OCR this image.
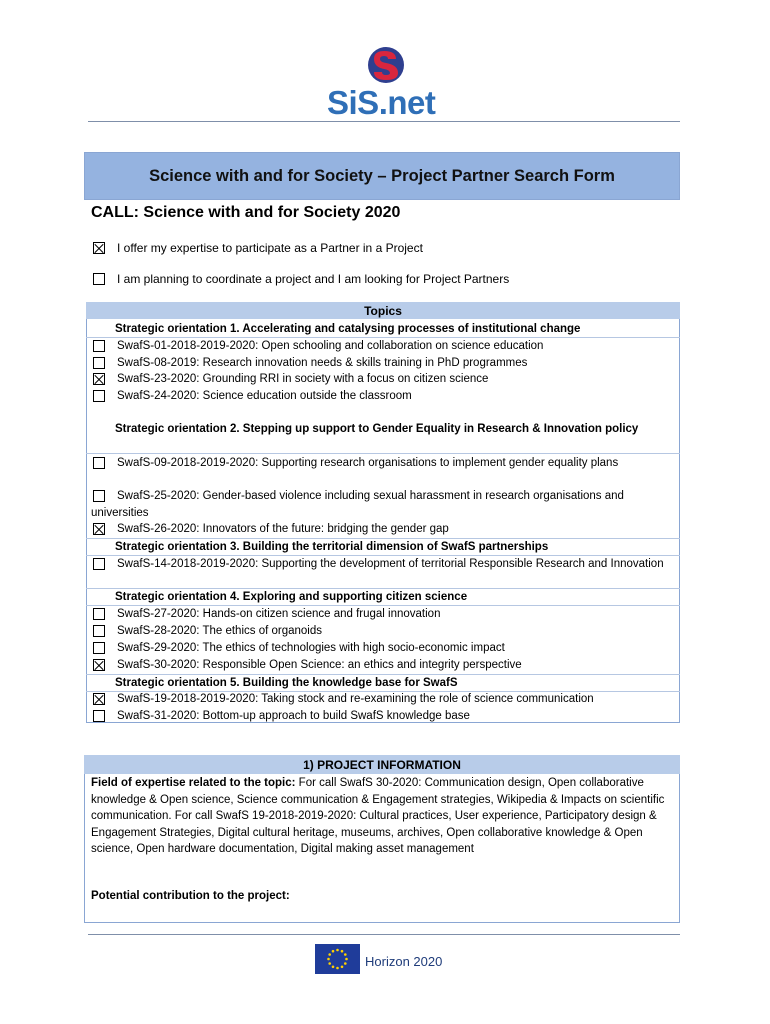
SiS.net
Science with and for Society – Project Partner Search Form
CALL: Science with and for Society 2020
I offer my expertise to participate as a Partner in a Project
I am planning to coordinate a project and I am looking for Project Partners
Topics
Strategic orientation 1. Accelerating and catalysing processes of institutional change
SwafS-01-2018-2019-2020: Open schooling and collaboration on science education
SwafS-08-2019: Research innovation needs & skills training in PhD programmes
SwafS-23-2020: Grounding RRI in society with a focus on citizen science
SwafS-24-2020: Science education outside the classroom
Strategic orientation 2. Stepping up support to Gender Equality in Research & Innovation policy
SwafS-09-2018-2019-2020: Supporting research organisations to implement gender equality plans
SwafS-25-2020: Gender-based violence including sexual harassment in research organisations and universities
SwafS-26-2020: Innovators of the future: bridging the gender gap
Strategic orientation 3. Building the territorial dimension of SwafS partnerships
SwafS-14-2018-2019-2020: Supporting the development of territorial Responsible Research and Innovation
Strategic orientation 4. Exploring and supporting citizen science
SwafS-27-2020: Hands-on citizen science and frugal innovation
SwafS-28-2020: The ethics of organoids
SwafS-29-2020: The ethics of technologies with high socio-economic impact
SwafS-30-2020: Responsible Open Science: an ethics and integrity perspective
Strategic orientation 5. Building the knowledge base for SwafS
SwafS-19-2018-2019-2020: Taking stock and re-examining the role of science communication
SwafS-31-2020: Bottom-up approach to build SwafS knowledge base
1) PROJECT INFORMATION
Field of expertise related to the topic: For call SwafS 30-2020: Communication design, Open collaborative knowledge & Open science, Science communication & Engagement strategies, Wikipedia & Impacts on scientific communication. For call SwafS 19-2018-2019-2020: Cultural practices, User experience, Participatory design & Engagement Strategies, Digital cultural heritage, museums, archives, Open collaborative knowledge & Open science, Open hardware documentation, Digital making asset management
Potential contribution to the project:
Horizon 2020
